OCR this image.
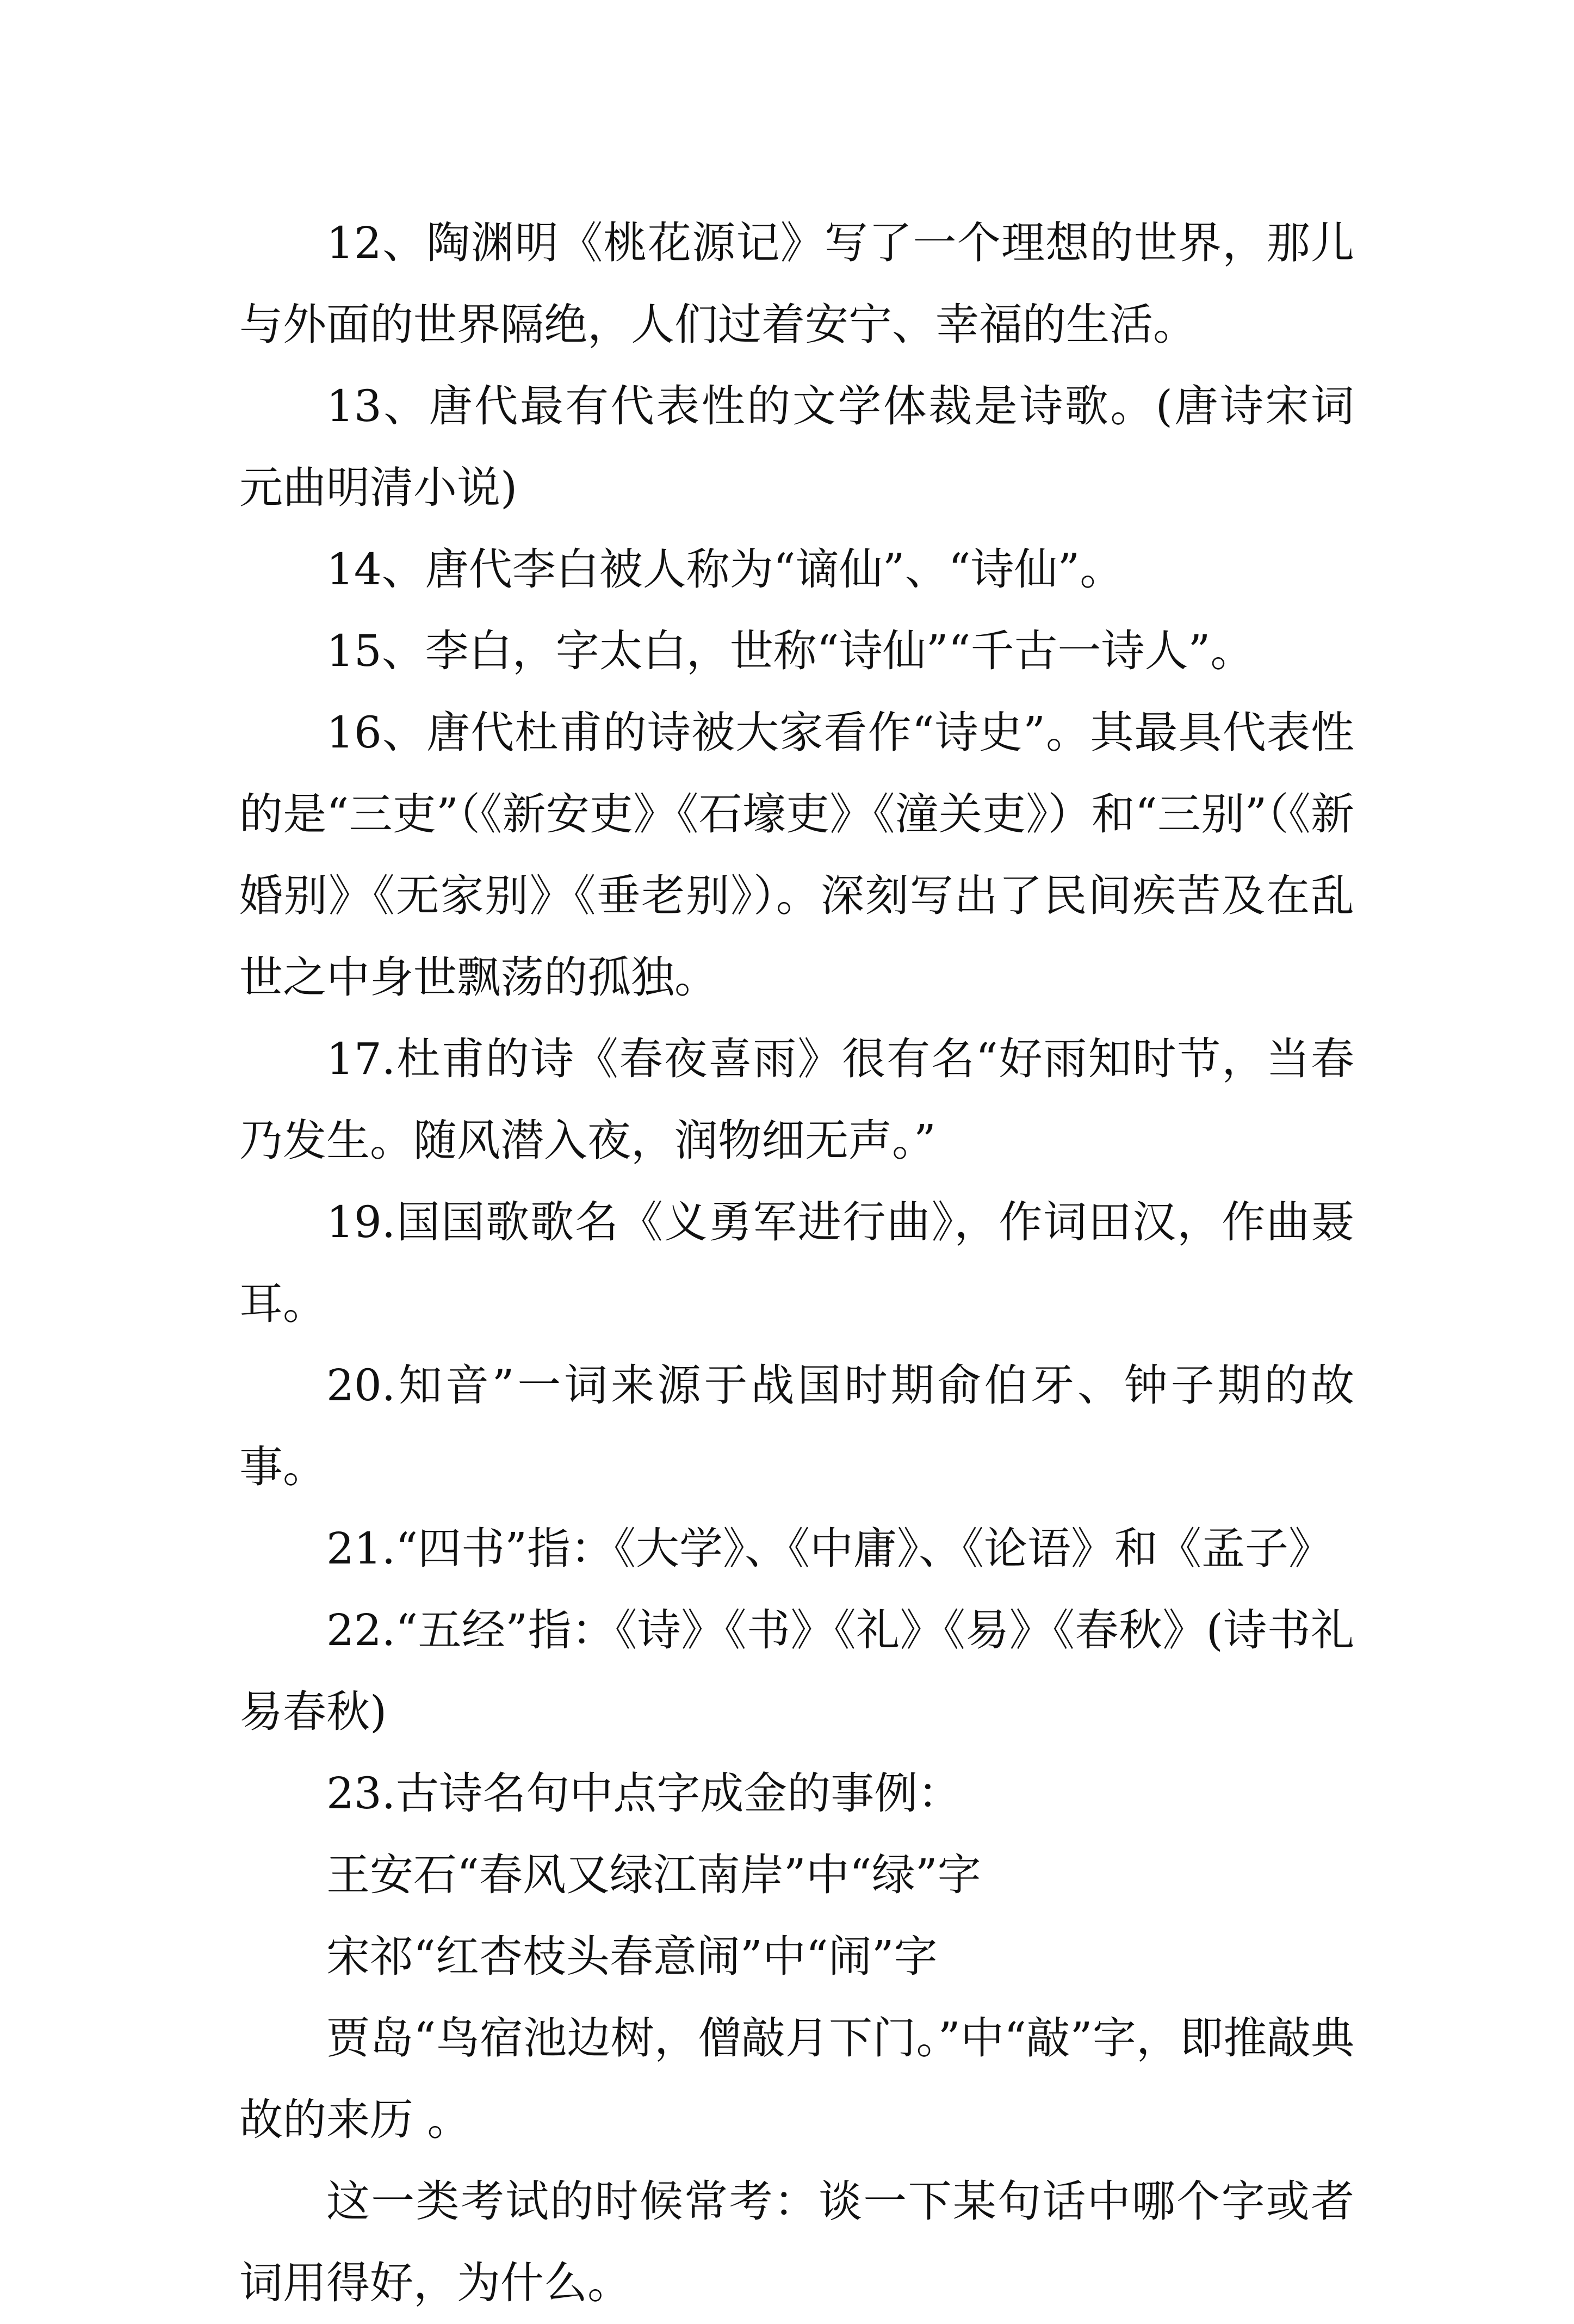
12、陶渊明《桃花源记》写了一个理想的世界，那儿与外面的世界隔绝，人们过着安宁、幸福的生活。

13、唐代最有代表性的文学体裁是诗歌。(唐诗宋词元曲明清小说)

14、唐代李白被人称为“谪仙”、“诗仙”。

15、李白，字太白，世称“诗仙”“千古一诗人”。

16、唐代杜甫的诗被大家看作“诗史”。其最具代表性的是“三吏”（《新安吏》《石壕吏》《潼关吏》）和“三别”（《新婚别》《无家别》《垂老别》）。深刻写出了民间疾苦及在乱世之中身世飘荡的孤独。

17.杜甫的诗《春夜喜雨》很有名“好雨知时节，当春乃发生。随风潜入夜，润物细无声。”

19.国国歌歌名《义勇军进行曲》，作词田汉，作曲聂耳。

20.知音”一词来源于战国时期俞伯牙、钟子期的故事。

21.“四书”指：《大学》、《中庸》、《论语》和《孟子》

22.“五经”指：《诗》《书》《礼》《易》《春秋》(诗书礼易春秋)

23.古诗名句中点字成金的事例：

王安石“春风又绿江南岸”中“绿”字

宋祁“红杏枝头春意闹”中“闹”字

贾岛“鸟宿池边树，僧敲月下门。”中“敲”字，即推敲典故的来历 。

这一类考试的时候常考：谈一下某句话中哪个字或者词用得好，为什么。
